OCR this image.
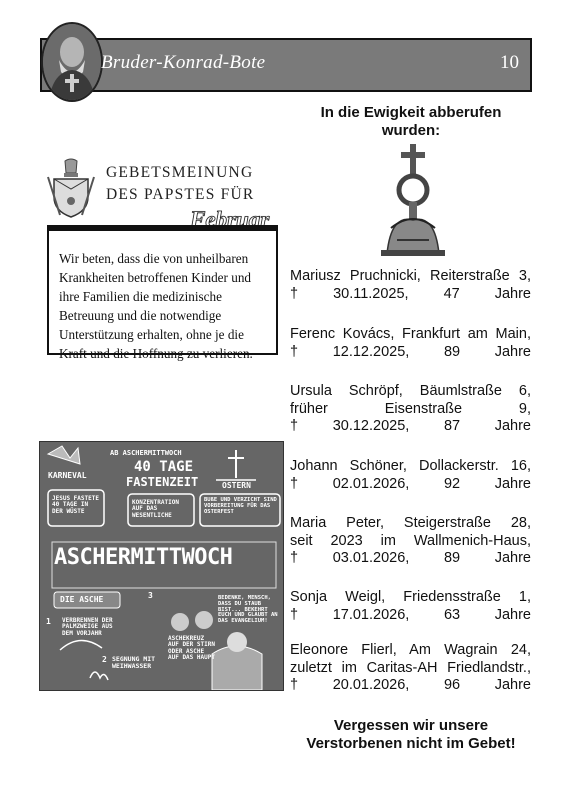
Bruder-Konrad-Bote	10
GEBETSMEINUNG
DES PAPSTES FÜR
Februar
Wir beten, dass die von unheilbaren Krankheiten betroffenen Kinder und ihre Familien die medizinische Betreuung und die notwendige Unterstützung erhalten, ohne je die Kraft und die Hoffnung zu verlieren.
AB ASCHERMITTWOCH
40 TAGE
FASTENZEIT
KARNEVAL
OSTERN
JESUS FASTETE 40 TAGE IN DER WÜSTE
KONZENTRATION AUF DAS WESENTLICHE
BUßE UND VERZICHT SIND VORBEREITUNG FÜR DAS OSTERFEST
ASCHERMITTWOCH
DIE ASCHE	3
1
BEDENKE, MENSCH, DASS DU STAUB BIST... BEKEHRT EUCH UND GLAUBT AN DAS EVANGELIUM!
VERBRENNEN DER PALMZWEIGE AUS DEM VORJAHR
ASCHEKREUZ AUF DER STIRN ODER ASCHE AUF DAS HAUPT
2 SEGNUNG MIT WEIHWASSER
In die Ewigkeit abberufen wurden:
Mariusz Pruchnicki, Reiterstraße 3,
† 30.11.2025, 47 Jahre
Ferenc Kovács, Frankfurt am Main,
† 12.12.2025, 89 Jahre
Ursula Schröpf, Bäumlstraße 6,
früher Eisenstraße 9,
† 30.12.2025, 87 Jahre
Johann Schöner, Dollackerstr. 16,
† 02.01.2026, 92 Jahre
Maria Peter, Steigerstraße 28,
seit 2023 im Wallmenich-Haus,
† 03.01.2026, 89 Jahre
Sonja Weigl, Friedensstraße 1,
† 17.01.2026, 63 Jahre
Eleonore Flierl, Am Wagrain 24,
zuletzt im Caritas-AH Friedlandstr.,
† 20.01.2026, 96 Jahre
Vergessen wir unsere Verstorbenen nicht im Gebet!
